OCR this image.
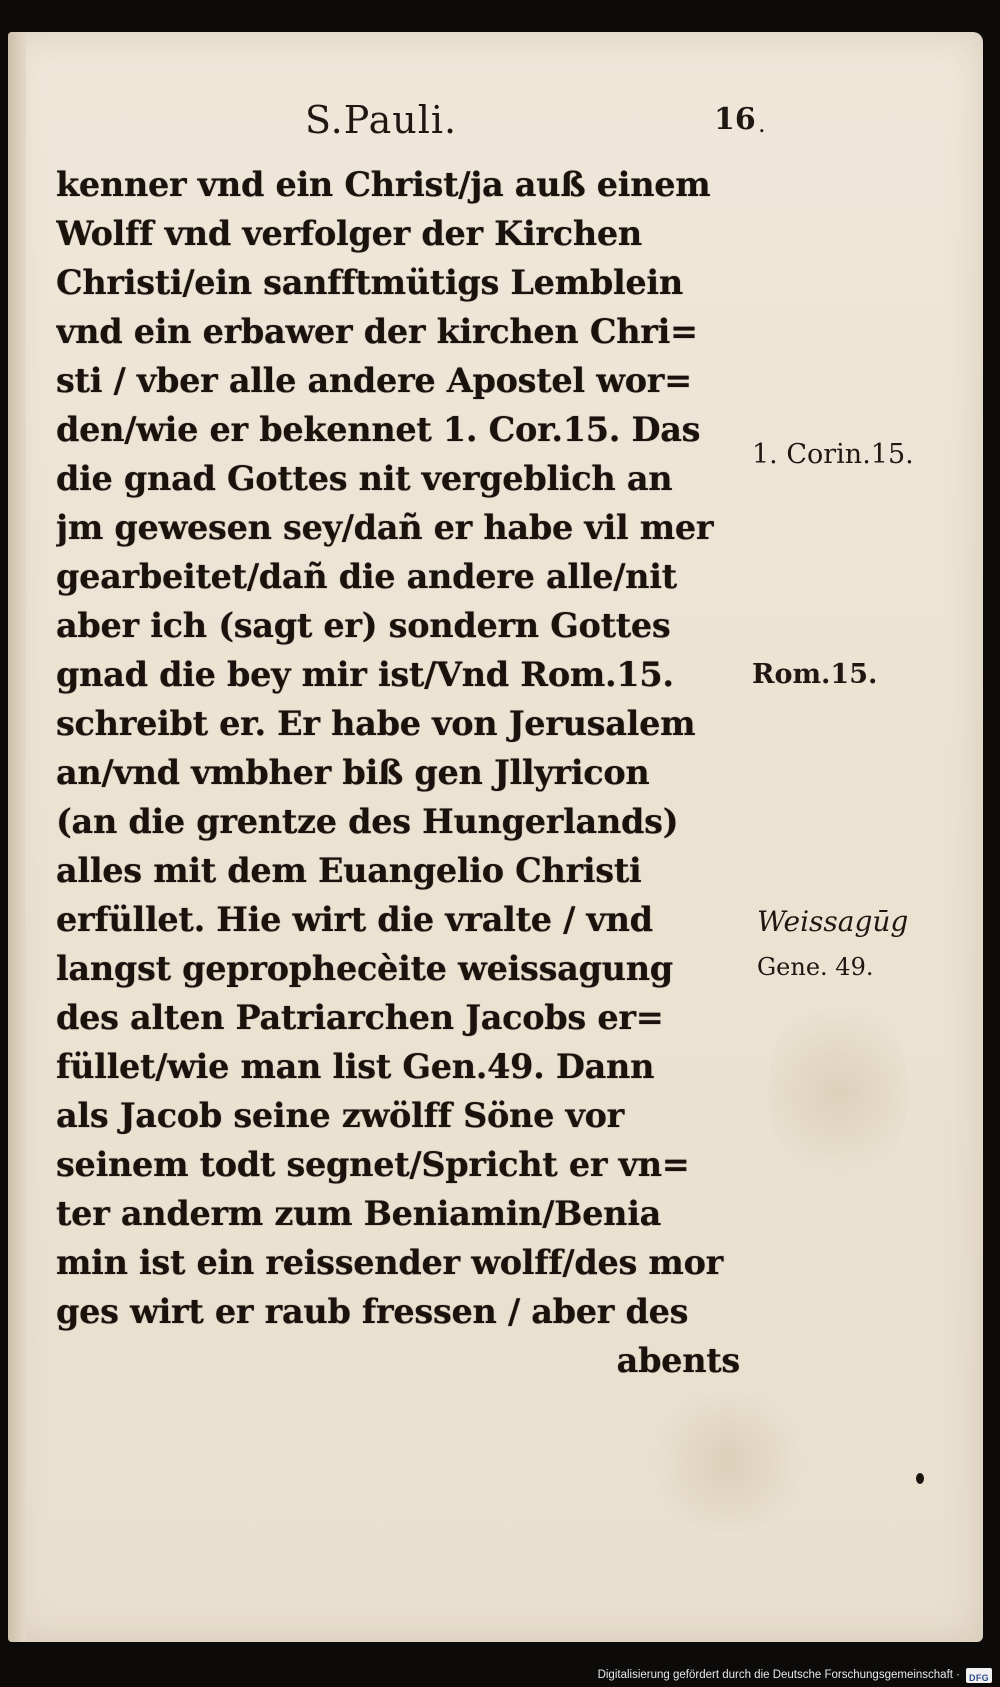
S.Pauli.	16 .
kenner vnd ein Christ/ja auß einem
Wolff vnd verfolger der Kirchen
Christi/ein sanfftmütigs Lemblein
vnd ein erbawer der kirchen Chri=
sti / vber alle andere Apostel wor=
den/wie er bekennet 1. Cor.15. Das
die gnad Gottes nit vergeblich an
jm gewesen sey/dañ er habe vil mer
gearbeitet/dañ die andere alle/nit
aber ich (sagt er) sondern Gottes
gnad die bey mir ist/Vnd Rom.15.
schreibt er. Er habe von Jerusalem
an/vnd vmbher biß gen Jllyricon
(an die grentze des Hungerlands)
alles mit dem Euangelio Christi
erfüllet. Hie wirt die vralte / vnd
langst geprophecèite weissagung
des alten Patriarchen Jacobs er=
füllet/wie man list Gen.49. Dann
als Jacob seine zwölff Söne vor
seinem todt segnet/Spricht er vn=
ter anderm zum Beniamin/Benia
min ist ein reissender wolff/des mor
ges wirt er raub fressen / aber des
abents
1. Corin.15.
Rom.15.
Weissagūg
Gene. 49.
Digitalisierung gefördert durch die Deutsche Forschungsgemeinschaft ·	DFG
